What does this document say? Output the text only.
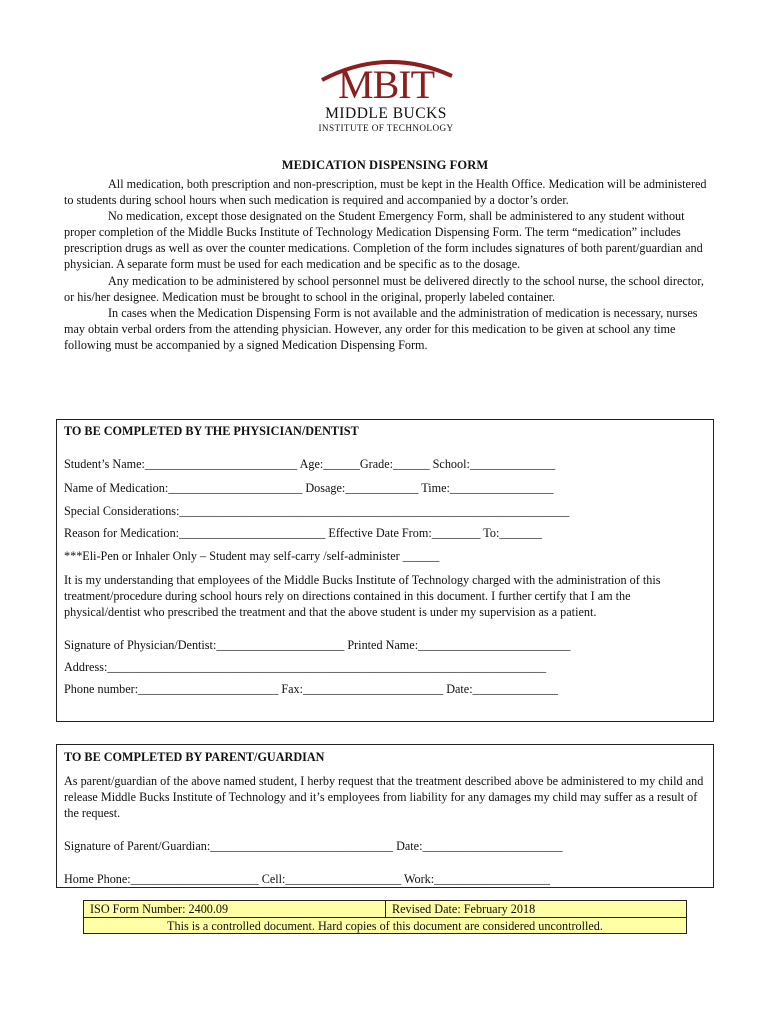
MBIT
MIDDLE BUCKS
INSTITUTE OF TECHNOLOGY
MEDICATION DISPENSING FORM

All medication, both prescription and non-prescription, must be kept in the Health Office. Medication will be administered to students during school hours when such medication is required and accompanied by a doctor’s order.

No medication, except those designated on the Student Emergency Form, shall be administered to any student without proper completion of the Middle Bucks Institute of Technology Medication Dispensing Form. The term “medication” includes prescription drugs as well as over the counter medications. Completion of the form includes signatures of both parent/guardian and physician. A separate form must be used for each medication and be specific as to the dosage.

Any medication to be administered by school personnel must be delivered directly to the school nurse, the school director, or his/her designee. Medication must be brought to school in the original, properly labeled container.

In cases when the Medication Dispensing Form is not available and the administration of medication is necessary, nurses may obtain verbal orders from the attending physician. However, any order for this medication to be given at school any time following must be accompanied by a signed Medication Dispensing Form.

TO BE COMPLETED BY THE PHYSICIAN/DENTIST
Student’s Name:_________________________ Age:______Grade:______ School:______________
Name of Medication:______________________ Dosage:____________ Time:_________________
Special Considerations:________________________________________________________________
Reason for Medication:________________________ Effective Date From:________ To:_______
***Eli-Pen or Inhaler Only – Student may self-carry /self-administer ______
It is my understanding that employees of the Middle Bucks Institute of Technology charged with the administration of this treatment/procedure during school hours rely on directions contained in this document. I further certify that I am the physical/dentist who prescribed the treatment and that the above student is under my supervision as a patient.
Signature of Physician/Dentist:_____________________ Printed Name:_________________________
Address:________________________________________________________________________
Phone number:_______________________ Fax:_______________________ Date:______________
TO BE COMPLETED BY PARENT/GUARDIAN
As parent/guardian of the above named student, I herby request that the treatment described above be administered to my child and release Middle Bucks Institute of Technology and it’s employees from liability for any damages my child may suffer as a result of the request.
Signature of Parent/Guardian:______________________________ Date:_______________________
Home Phone:_____________________ Cell:___________________ Work:___________________
ISO Form Number: 2400.09	Revised Date: February 2018
This is a controlled document. Hard copies of this document are considered uncontrolled.
